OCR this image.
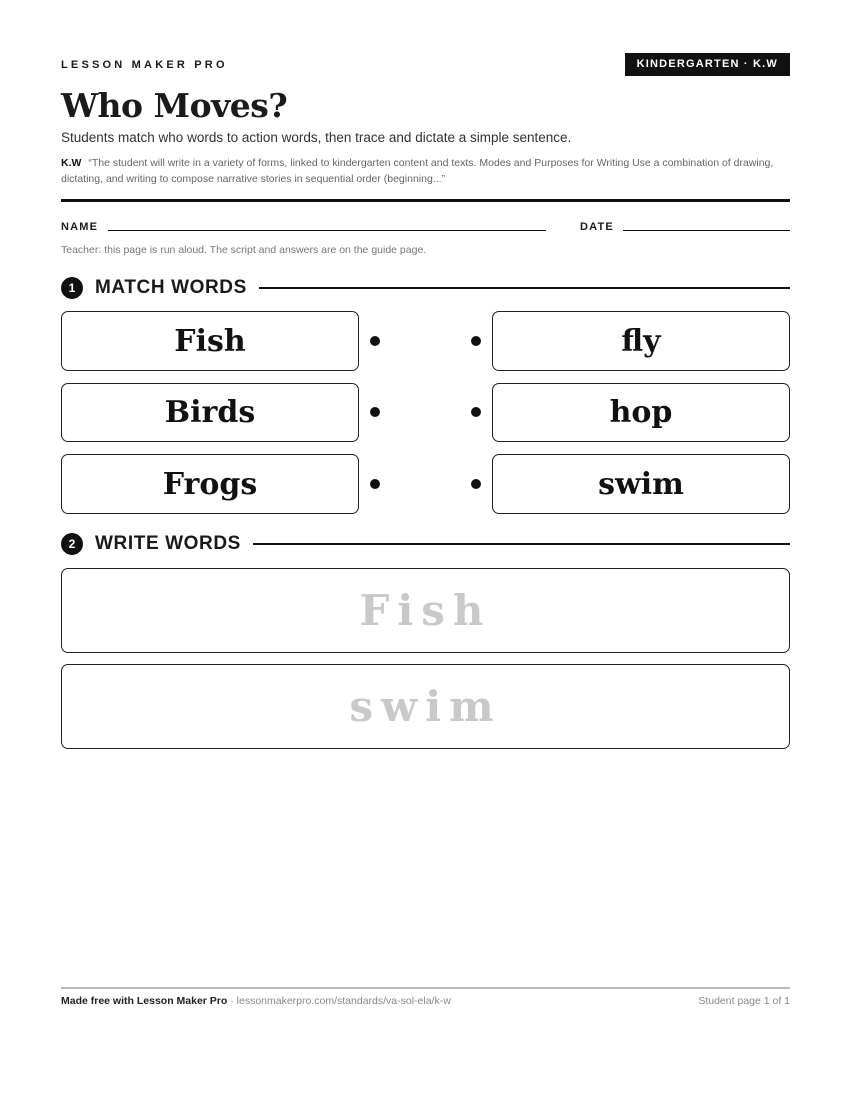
LESSON MAKER PRO	KINDERGARTEN · K.W
Who Moves?
Students match who words to action words, then trace and dictate a simple sentence.
K.W “The student will write in a variety of forms, linked to kindergarten content and texts. Modes and Purposes for Writing Use a combination of drawing, dictating, and writing to compose narrative stories in sequential order (beginning...”
NAME	DATE
Teacher: this page is run aloud. The script and answers are on the guide page.
1	MATCH WORDS
Fish	fly
Birds	hop
Frogs	swim
2	WRITE WORDS
Fish
swim
Made free with Lesson Maker Pro · lessonmakerpro.com/standards/va-sol-ela/k-w	Student page 1 of 1
